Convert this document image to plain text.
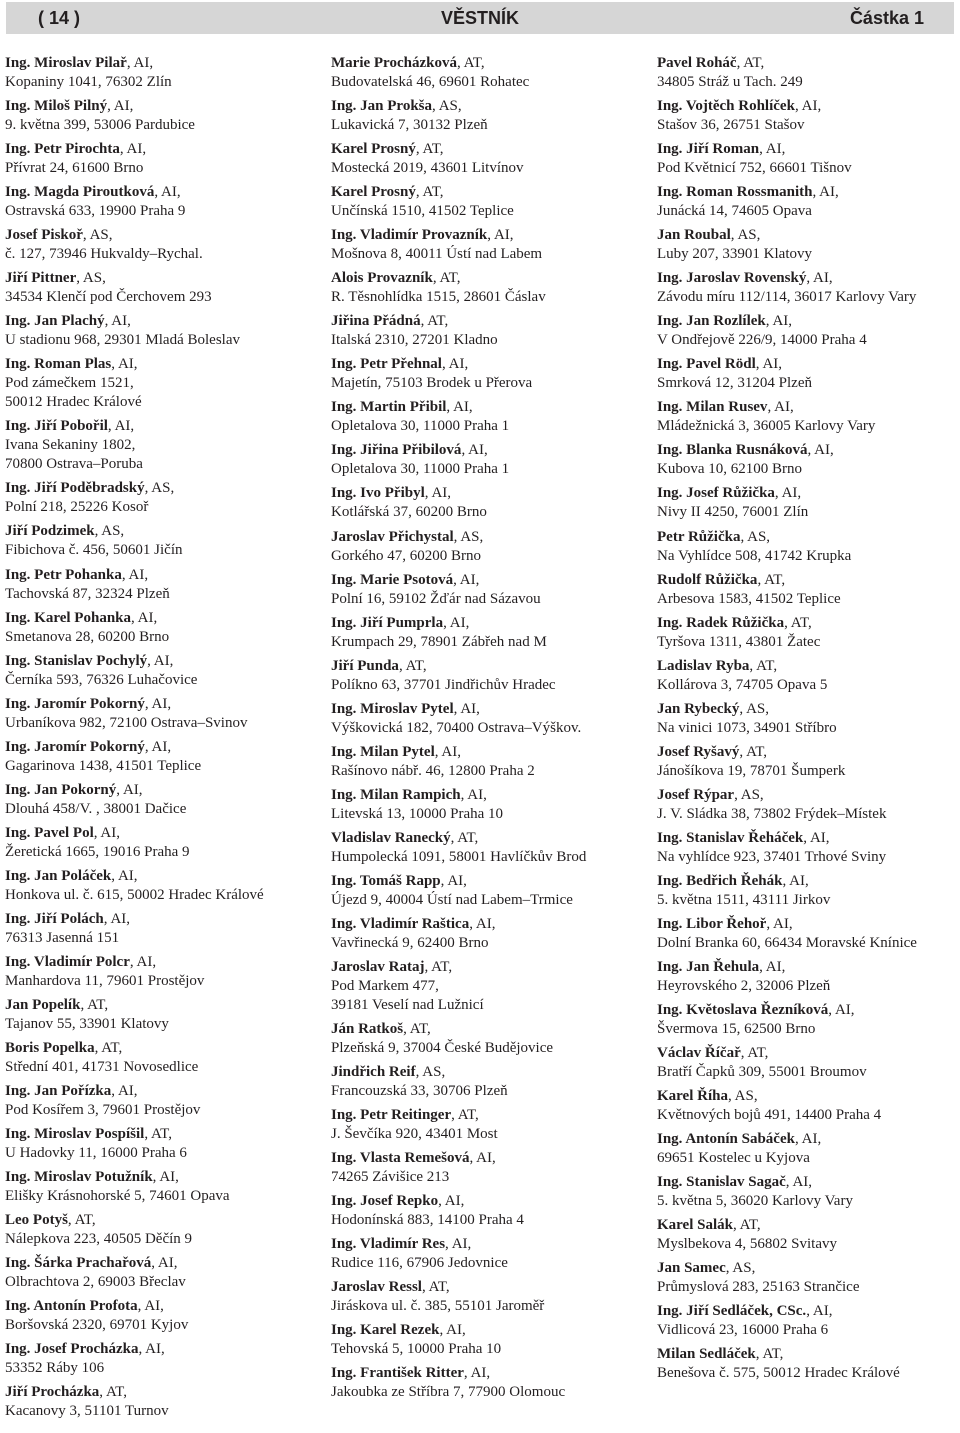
( 14 )	VĚSTNÍK	Částka 1
Ing. Miroslav Pilař, AI,
Kopaniny 1041, 76302 Zlín
Ing. Miloš Pilný, AI,
9. května 399, 53006 Pardubice
Ing. Petr Pirochta, AI,
Přívrat 24, 61600 Brno
Ing. Magda Piroutková, AI,
Ostravská 633, 19900 Praha 9
Josef Piskoř, AS,
č. 127, 73946 Hukvaldy–Rychal.
Jiří Pittner, AS,
34534 Klenčí pod Čerchovem 293
Ing. Jan Plachý, AI,
U stadionu 968, 29301 Mladá Boleslav
Ing. Roman Plas, AI,
Pod zámečkem 1521,
50012 Hradec Králové
Ing. Jiří Pobořil, AI,
Ivana Sekaniny 1802,
70800 Ostrava–Poruba
Ing. Jiří Poděbradský, AS,
Polní 218, 25226 Kosoř
Jiří Podzimek, AS,
Fibichova č. 456, 50601 Jičín
Ing. Petr Pohanka, AI,
Tachovská 87, 32324 Plzeň
Ing. Karel Pohanka, AI,
Smetanova 28, 60200 Brno
Ing. Stanislav Pochylý, AI,
Černíka 593, 76326 Luhačovice
Ing. Jaromír Pokorný, AI,
Urbaníkova 982, 72100 Ostrava–Svinov
Ing. Jaromír Pokorný, AI,
Gagarinova 1438, 41501 Teplice
Ing. Jan Pokorný, AI,
Dlouhá 458/V. , 38001 Dačice
Ing. Pavel Pol, AI,
Žeretická 1665, 19016 Praha 9
Ing. Jan Poláček, AI,
Honkova ul. č. 615, 50002 Hradec Králové
Ing. Jiří Polách, AI,
76313 Jasenná 151
Ing. Vladimír Polcr, AI,
Manhardova 11, 79601 Prostějov
Jan Popelík, AT,
Tajanov 55, 33901 Klatovy
Boris Popelka, AT,
Střední 401, 41731 Novosedlice
Ing. Jan Pořízka, AI,
Pod Kosířem 3, 79601 Prostějov
Ing. Miroslav Pospíšil, AT,
U Hadovky 11, 16000 Praha 6
Ing. Miroslav Potužník, AI,
Elišky Krásnohorské 5, 74601 Opava
Leo Potyš, AT,
Nálepkova 223, 40505 Děčín 9
Ing. Šárka Prachařová, AI,
Olbrachtova 2, 69003 Břeclav
Ing. Antonín Profota, AI,
Boršovská 2320, 69701 Kyjov
Ing. Josef Procházka, AI,
53352 Ráby 106
Jiří Procházka, AT,
Kacanovy 3, 51101 Turnov
Marie Procházková, AT,
Budovatelská 46, 69601 Rohatec
Ing. Jan Prokša, AS,
Lukavická 7, 30132 Plzeň
Karel Prosný, AT,
Mostecká 2019, 43601 Litvínov
Karel Prosný, AT,
Unčínská 1510, 41502 Teplice
Ing. Vladimír Provazník, AI,
Mošnova 8, 40011 Ústí nad Labem
Alois Provazník, AT,
R. Těsnohlídka 1515, 28601 Čáslav
Jiřina Přádná, AT,
Italská 2310, 27201 Kladno
Ing. Petr Přehnal, AI,
Majetín, 75103 Brodek u Přerova
Ing. Martin Přibil, AI,
Opletalova 30, 11000 Praha 1
Ing. Jiřina Přibilová, AI,
Opletalova 30, 11000 Praha 1
Ing. Ivo Přibyl, AI,
Kotlářská 37, 60200 Brno
Jaroslav Přichystal, AS,
Gorkého 47, 60200 Brno
Ing. Marie Psotová, AI,
Polní 16, 59102 Žďár nad Sázavou
Ing. Jiří Pumprla, AI,
Krumpach 29, 78901 Zábřeh nad M
Jiří Punda, AT,
Políkno 63, 37701 Jindřichův Hradec
Ing. Miroslav Pytel, AI,
Výškovická 182, 70400 Ostrava–Výškov.
Ing. Milan Pytel, AI,
Rašínovo nábř. 46, 12800 Praha 2
Ing. Milan Rampich, AI,
Litevská 13, 10000 Praha 10
Vladislav Ranecký, AT,
Humpolecká 1091, 58001 Havlíčkův Brod
Ing. Tomáš Rapp, AI,
Újezd 9, 40004 Ústí nad Labem–Trmice
Ing. Vladimír Raštica, AI,
Vavřinecká 9, 62400 Brno
Jaroslav Rataj, AT,
Pod Markem 477,
39181 Veselí nad Lužnicí
Ján Ratkoš, AT,
Plzeňská 9, 37004 České Budějovice
Jindřich Reif, AS,
Francouzská 33, 30706 Plzeň
Ing. Petr Reitinger, AT,
J. Ševčíka 920, 43401 Most
Ing. Vlasta Remešová, AI,
74265 Závišice 213
Ing. Josef Repko, AI,
Hodonínská 883, 14100 Praha 4
Ing. Vladimír Res, AI,
Rudice 116, 67906 Jedovnice
Jaroslav Ressl, AT,
Jiráskova ul. č. 385, 55101 Jaroměř
Ing. Karel Rezek, AI,
Tehovská 5, 10000 Praha 10
Ing. František Ritter, AI,
Jakoubka ze Stříbra 7, 77900 Olomouc
Pavel Roháč, AT,
34805 Stráž u Tach. 249
Ing. Vojtěch Rohlíček, AI,
Stašov 36, 26751 Stašov
Ing. Jiří Roman, AI,
Pod Květnicí 752, 66601 Tišnov
Ing. Roman Rossmanith, AI,
Junácká 14, 74605 Opava
Jan Roubal, AS,
Luby 207, 33901 Klatovy
Ing. Jaroslav Rovenský, AI,
Závodu míru 112/114, 36017 Karlovy Vary
Ing. Jan Rozlílek, AI,
V Ondřejově 226/9, 14000 Praha 4
Ing. Pavel Rödl, AI,
Smrková 12, 31204 Plzeň
Ing. Milan Rusev, AI,
Mládežnická 3, 36005 Karlovy Vary
Ing. Blanka Rusnáková, AI,
Kubova 10, 62100 Brno
Ing. Josef Růžička, AI,
Nivy II 4250, 76001 Zlín
Petr Růžička, AS,
Na Vyhlídce 508, 41742 Krupka
Rudolf Růžička, AT,
Arbesova 1583, 41502 Teplice
Ing. Radek Růžička, AT,
Tyršova 1311, 43801 Žatec
Ladislav Ryba, AT,
Kollárova 3, 74705 Opava 5
Jan Rybecký, AS,
Na vinici 1073, 34901 Stříbro
Josef Ryšavý, AT,
Jánošíkova 19, 78701 Šumperk
Josef Rýpar, AS,
J. V. Sládka 38, 73802 Frýdek–Místek
Ing. Stanislav Řeháček, AI,
Na vyhlídce 923, 37401 Trhové Sviny
Ing. Bedřich Řehák, AI,
5. května 1511, 43111 Jirkov
Ing. Libor Řehoř, AI,
Dolní Branka 60, 66434 Moravské Knínice
Ing. Jan Řehula, AI,
Heyrovského 2, 32006 Plzeň
Ing. Květoslava Řezníková, AI,
Švermova 15, 62500 Brno
Václav Říčař, AT,
Bratří Čapků 309, 55001 Broumov
Karel Říha, AS,
Květnových bojů 491, 14400 Praha 4
Ing. Antonín Sabáček, AI,
69651 Kostelec u Kyjova
Ing. Stanislav Sagač, AI,
5. května 5, 36020 Karlovy Vary
Karel Salák, AT,
Myslbekova 4, 56802 Svitavy
Jan Samec, AS,
Průmyslová 283, 25163 Strančice
Ing. Jiří Sedláček, CSc., AI,
Vidlicová 23, 16000 Praha 6
Milan Sedláček, AT,
Benešova č. 575, 50012 Hradec Králové
